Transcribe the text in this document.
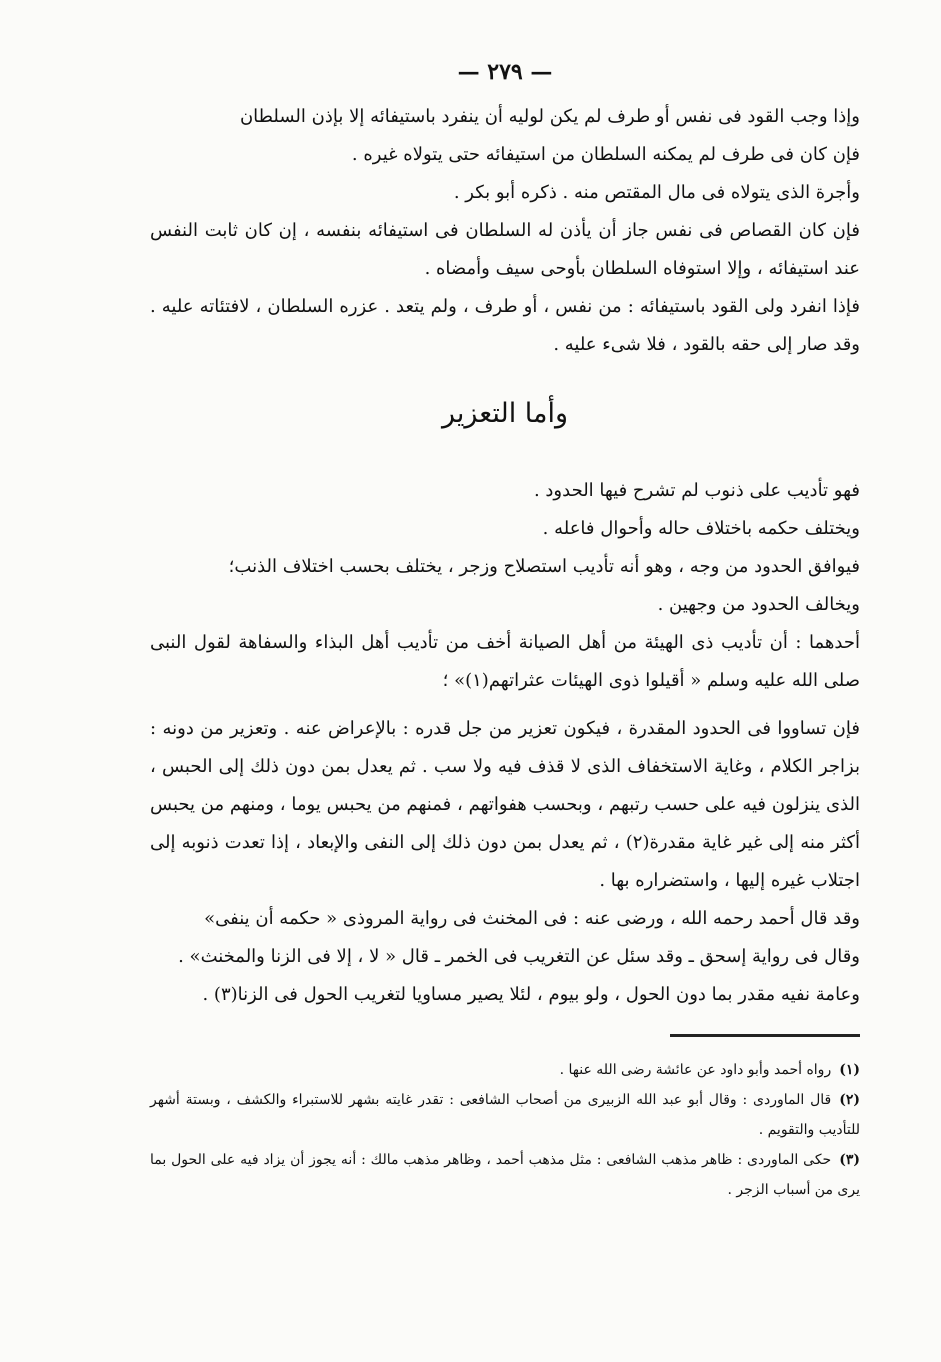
— ٢٧٩ —

وإذا وجب القود فى نفس أو طرف لم يكن لوليه أن ينفرد باستيفائه إلا بإذن السلطان

فإن كان فى طرف لم يمكنه السلطان من استيفائه حتى يتولاه غيره .

وأجرة الذى يتولاه فى مال المقتص منه . ذكره أبو بكر .

فإن كان القصاص فى نفس جاز أن يأذن له السلطان فى استيفائه بنفسه ، إن كان ثابت النفس عند استيفائه ، وإلا استوفاه السلطان بأوحى سيف وأمضاه .

فإذا انفرد ولى القود باستيفائه : من نفس ، أو طرف ، ولم يتعد . عزره السلطان ، لافتئاته عليه . وقد صار إلى حقه بالقود ، فلا شىء عليه .

وأما التعزير

فهو تأديب على ذنوب لم تشرح فيها الحدود .

ويختلف حكمه باختلاف حاله وأحوال فاعله .

فيوافق الحدود من وجه ، وهو أنه تأديب استصلاح وزجر ، يختلف بحسب اختلاف الذنب؛

ويخالف الحدود من وجهين .

أحدهما : أن تأديب ذى الهيئة من أهل الصيانة أخف من تأديب أهل البذاء والسفاهة لقول النبى صلى الله عليه وسلم « أقيلوا ذوى الهيئات عثراتهم(١)» ؛

فإن تساووا فى الحدود المقدرة ، فيكون تعزير من جل قدره : بالإعراض عنه . وتعزير من دونه : بزاجر الكلام ، وغاية الاستخفاف الذى لا قذف فيه ولا سب . ثم يعدل بمن دون ذلك إلى الحبس ، الذى ينزلون فيه على حسب رتبهم ، وبحسب هفواتهم ، فمنهم من يحبس يوما ، ومنهم من يحبس أكثر منه إلى غير غاية مقدرة(٢) ، ثم يعدل بمن دون ذلك إلى النفى والإبعاد ، إذا تعدت ذنوبه إلى اجتلاب غيره إليها ، واستضراره بها .

وقد قال أحمد رحمه الله ، ورضى عنه : فى المخنث فى رواية المروذى « حكمه أن ينفى»

وقال فى رواية إسحق ـ وقد سئل عن التغريب فى الخمر ـ قال « لا ، إلا فى الزنا والمخنث» .

وعامة نفيه مقدر بما دون الحول ، ولو بيوم ، لئلا يصير مساويا لتغريب الحول فى الزنا(٣) .

(١)رواه أحمد وأبو داود عن عائشة رضى الله عنها .

(٢)قال الماوردى : وقال أبو عبد الله الزبيرى من أصحاب الشافعى : تقدر غايته بشهر للاستبراء والكشف ، وبستة أشهر للتأديب والتقويم .

(٣)حكى الماوردى : ظاهر مذهب الشافعى : مثل مذهب أحمد ، وظاهر مذهب مالك : أنه يجوز أن يزاد فيه على الحول بما يرى من أسباب الزجر .
